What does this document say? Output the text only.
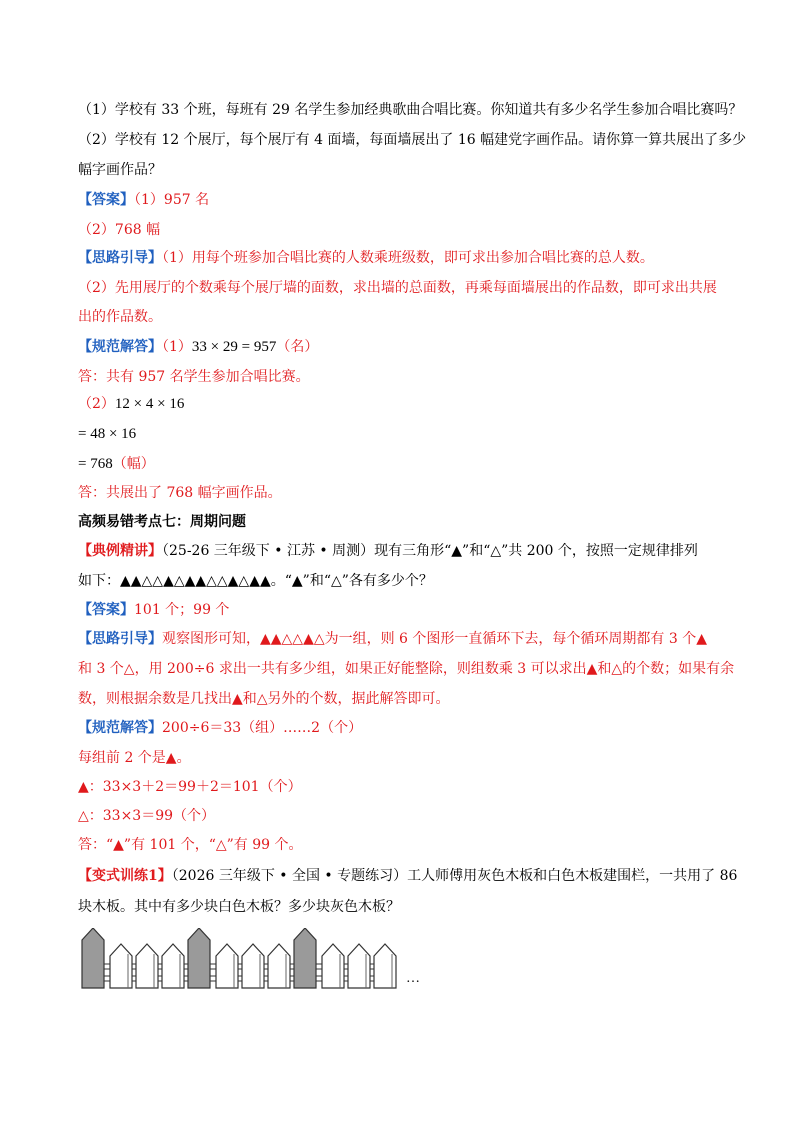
（1）学校有 33 个班，每班有 29 名学生参加经典歌曲合唱比赛。你知道共有多少名学生参加合唱比赛吗？
（2）学校有 12 个展厅，每个展厅有 4 面墙，每面墙展出了 16 幅建党字画作品。请你算一算共展出了多少
幅字画作品？
【答案】（1）957 名
（2）768 幅
【思路引导】（1）用每个班参加合唱比赛的人数乘班级数，即可求出参加合唱比赛的总人数。
（2）先用展厅的个数乘每个展厅墙的面数，求出墙的总面数，再乘每面墙展出的作品数，即可求出共展
出的作品数。
【规范解答】（1）33 × 29 = 957（名）
答：共有 957 名学生参加合唱比赛。
（2）12 × 4 × 16
= 48 × 16
= 768（幅）
答：共展出了 768 幅字画作品。
高频易错考点七：周期问题
【典例精讲】（25-26 三年级下 • 江苏 • 周测）现有三角形“▲”和“△”共 200 个，按照一定规律排列
如下：▲▲△△▲△▲▲△△▲△▲▲。“▲”和“△”各有多少个？
【答案】101 个；99 个
【思路引导】观察图形可知，▲▲△△▲△为一组，则 6 个图形一直循环下去，每个循环周期都有 3 个▲
和 3 个△，用 200÷6 求出一共有多少组，如果正好能整除，则组数乘 3 可以求出▲和△的个数；如果有余
数，则根据余数是几找出▲和△另外的个数，据此解答即可。
【规范解答】200÷6＝33（组）……2（个）
每组前 2 个是▲。
▲：33×3＋2＝99＋2＝101（个）
△：33×3＝99（个）
答：“▲”有 101 个，“△”有 99 个。
【变式训练1】（2026 三年级下 • 全国 • 专题练习）工人师傅用灰色木板和白色木板建围栏，一共用了 86
块木板。其中有多少块白色木板？多少块灰色木板？
…
